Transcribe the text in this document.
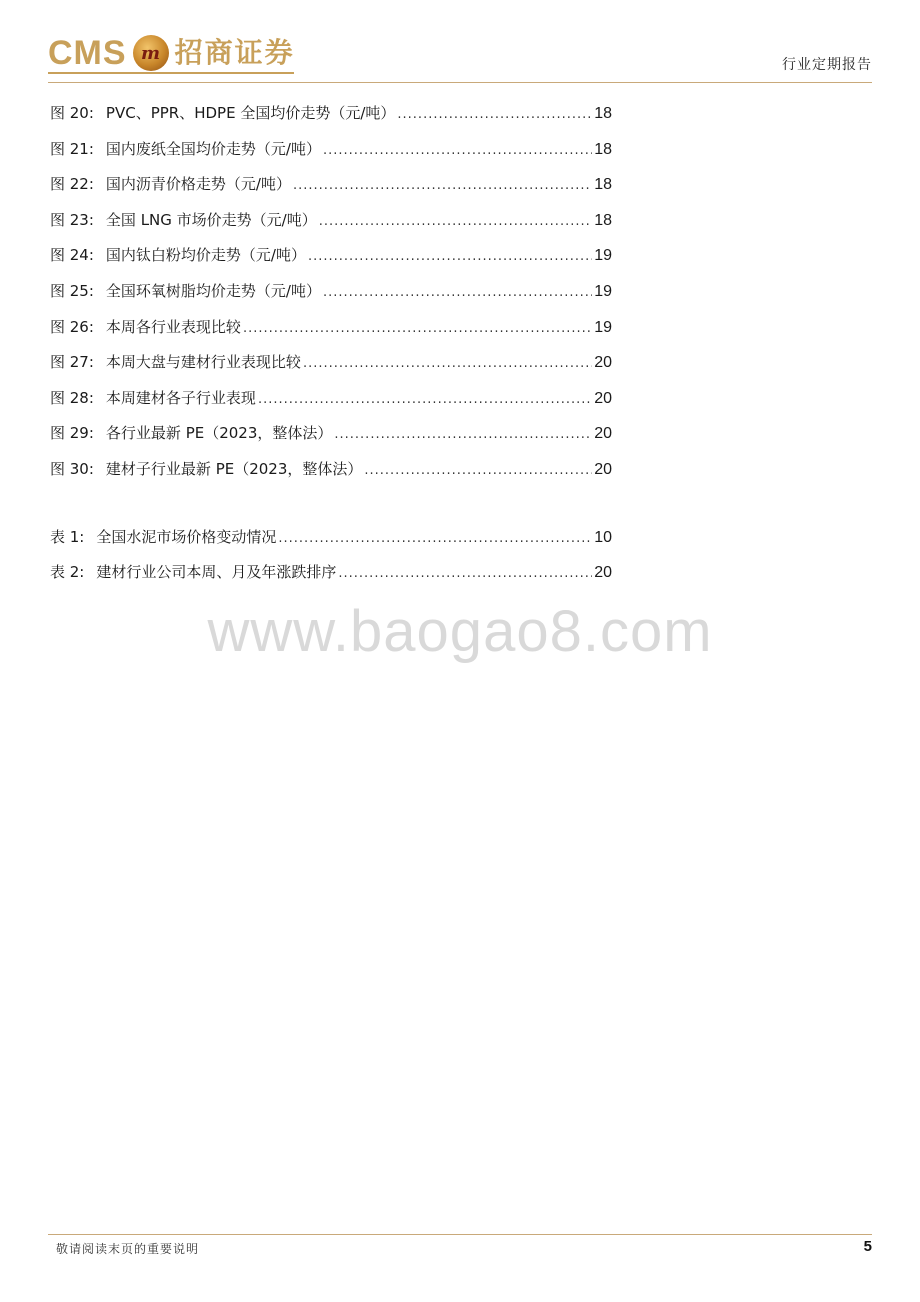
CMS m 招商证券	行业定期报告
图 20: PVC、PPR、HDPE 全国均价走势（元/吨） .....	18
图 21: 国内废纸全国均价走势（元/吨） .....	18
图 22: 国内沥青价格走势（元/吨） .....	18
图 23: 全国 LNG 市场价走势（元/吨） .....	18
图 24: 国内钛白粉均价走势（元/吨） .....	19
图 25: 全国环氧树脂均价走势（元/吨） .....	19
图 26: 本周各行业表现比较 .....	19
图 27: 本周大盘与建材行业表现比较 .....	20
图 28: 本周建材各子行业表现 .....	20
图 29: 各行业最新 PE（2023，整体法） .....	20
图 30: 建材子行业最新 PE（2023，整体法） .....	20
表 1: 全国水泥市场价格变动情况 .....	10
表 2: 建材行业公司本周、月及年涨跌排序 .....	20
www.baogao8.com
敬请阅读末页的重要说明	5
